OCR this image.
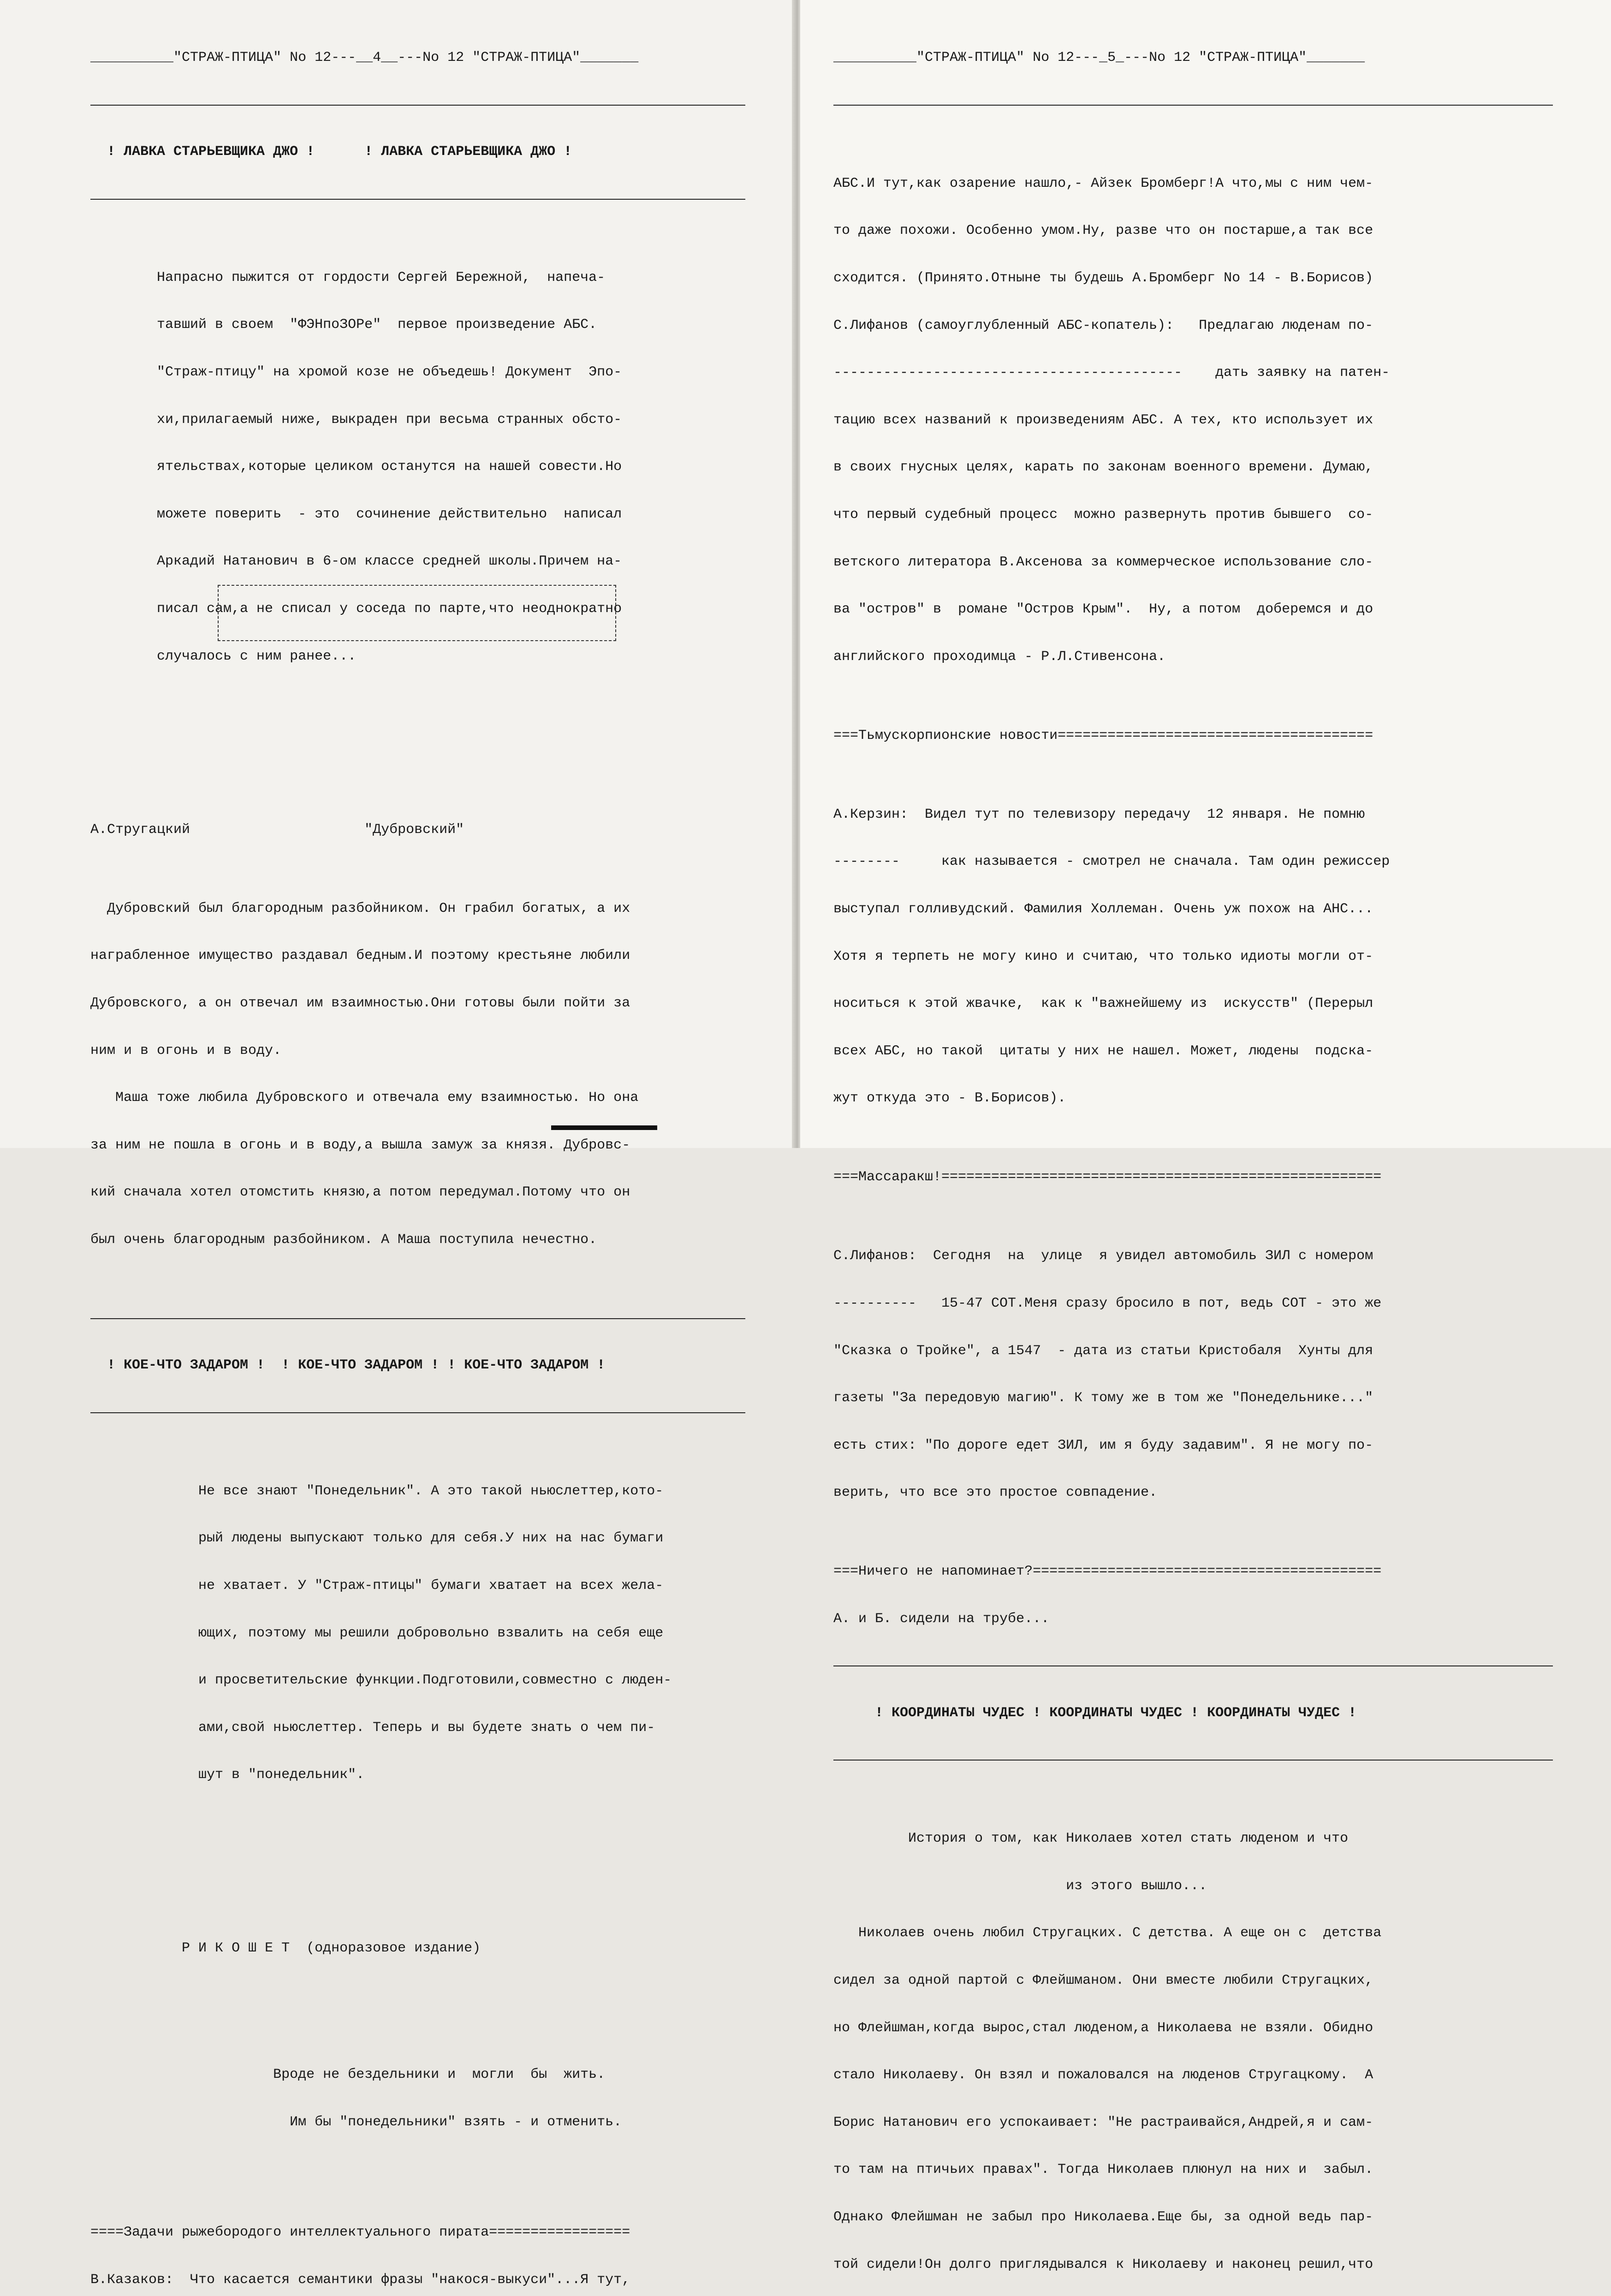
__________"СТРАЖ-ПТИЦА" No 12---__4__---No 12 "СТРАЖ-ПТИЦА"_______

! ЛАВКА СТАРЬЕВЩИКА ДЖО !      ! ЛАВКА СТАРЬЕВЩИКА ДЖО !

Напрасно пыжится от гордости Сергей Бережной,  напеча-

тавший в своем  "ФЭНпоЗОРе"  первое произведение АБС.

"Страж-птицу" на хромой козе не объедешь! Документ  Эпо-

хи,прилагаемый ниже, выкраден при весьма странных обсто-

ятельствах,которые целиком останутся на нашей совести.Но

можете поверить  - это  сочинение действительно  написал

Аркадий Натанович в 6-ом классе средней школы.Причем на-

писал сам,а не списал у соседа по парте,что неоднократно

случалось с ним ранее...

А.Стругацкий	"Дубровский"

Дубровский был благородным разбойником. Он грабил богатых, а их

награбленное имущество раздавал бедным.И поэтому крестьяне любили

Дубровского, а он отвечал им взаимностью.Они готовы были пойти за

ним и в огонь и в воду.

Маша тоже любила Дубровского и отвечала ему взаимностью. Но она

за ним не пошла в огонь и в воду,а вышла замуж за князя. Дубровс-

кий сначала хотел отомстить князю,а потом передумал.Потому что он

был очень благородным разбойником. А Маша поступила нечестно.

! КОЕ-ЧТО ЗАДАРОМ !  ! КОЕ-ЧТО ЗАДАРОМ ! ! КОЕ-ЧТО ЗАДАРОМ !

Не все знают "Понедельник". А это такой ньюслеттер,кото-

рый людены выпускают только для себя.У них на нас бумаги

не хватает. У "Страж-птицы" бумаги хватает на всех жела-

ющих, поэтому мы решили добровольно взвалить на себя еще

и просветительские функции.Подготовили,совместно с люден-

ами,свой ньюслеттер. Теперь и вы будете знать о чем пи-

шут в "понедельник".

Р И К О Ш Е Т  (одноразовое издание)

Вроде не бездельники и  могли  бы  жить.

Им бы "понедельники" взять - и отменить.

====Задачи рыжебородого интеллектуального пирата=================

В.Казаков:  Что касается семантики фразы "накося-выкуси"...Я тут,

__________"СТРАЖ-ПТИЦА" No 12---_5_---No 12 "СТРАЖ-ПТИЦА"_______

АБС.И тут,как озарение нашло,- Айзек Бромберг!А что,мы с ним чем-

то даже похожи. Особенно умом.Ну, разве что он постарше,а так все

сходится. (Принято.Отныне ты будешь А.Бромберг No 14 - В.Борисов)

С.Лифанов (самоуглубленный АБС-копатель):   Предлагаю люденам по-

------------------------------------------    дать заявку на патен-

тацию всех названий к произведениям АБС. А тех, кто использует их

в своих гнусных целях, карать по законам военного времени. Думаю,

что первый судебный процесс  можно развернуть против бывшего  со-

ветского литератора В.Аксенова за коммерческое использование сло-

ва "остров" в  романе "Остров Крым".  Ну, а потом  доберемся и до

английского проходимца - Р.Л.Стивенсона.

===Тьмускорпионские новости======================================

А.Керзин:  Видел тут по телевизору передачу  12 января. Не помню

--------     как называется - смотрел не сначала. Там один режиссер

выступал голливудский. Фамилия Холлеман. Очень уж похож на АНС...

Хотя я терпеть не могу кино и считаю, что только идиоты могли от-

носиться к этой жвачке,  как к "важнейшему из  искусств" (Перерыл

всех АБС, но такой  цитаты у них не нашел. Может, людены  подска-

жут откуда это - В.Борисов).

===Массаракш!=====================================================

С.Лифанов:  Сегодня  на  улице  я увидел автомобиль ЗИЛ с номером

----------   15-47 СОТ.Меня сразу бросило в пот, ведь СОТ - это же

"Сказка о Тройке", а 1547  - дата из статьи Кристобаля  Хунты для

газеты "За передовую магию". К тому же в том же "Понедельнике..."

есть стих: "По дороге едет ЗИЛ, им я буду задавим". Я не могу по-

верить, что все это простое совпадение.

===Ничего не напоминает?==========================================

А. и Б. сидели на трубе...

! КООРДИНАТЫ ЧУДЕС ! КООРДИНАТЫ ЧУДЕС ! КООРДИНАТЫ ЧУДЕС !

История о том, как Николаев хотел стать люденом и что

из этого вышло...

Николаев очень любил Стругацких. С детства. А еще он с  детства

сидел за одной партой с Флейшманом. Они вместе любили Стругацких,

но Флейшман,когда вырос,стал люденом,а Николаева не взяли. Обидно

стало Николаеву. Он взял и пожаловался на люденов Стругацкому.  А

Борис Натанович его успокаивает: "Не растраивайся,Андрей,я и сам-

то там на птичьих правах". Тогда Николаев плюнул на них и  забыл.

Однако Флейшман не забыл про Николаева.Еще бы, за одной ведь пар-

той сидели!Он долго приглядывался к Николаеву и наконец решил,что
